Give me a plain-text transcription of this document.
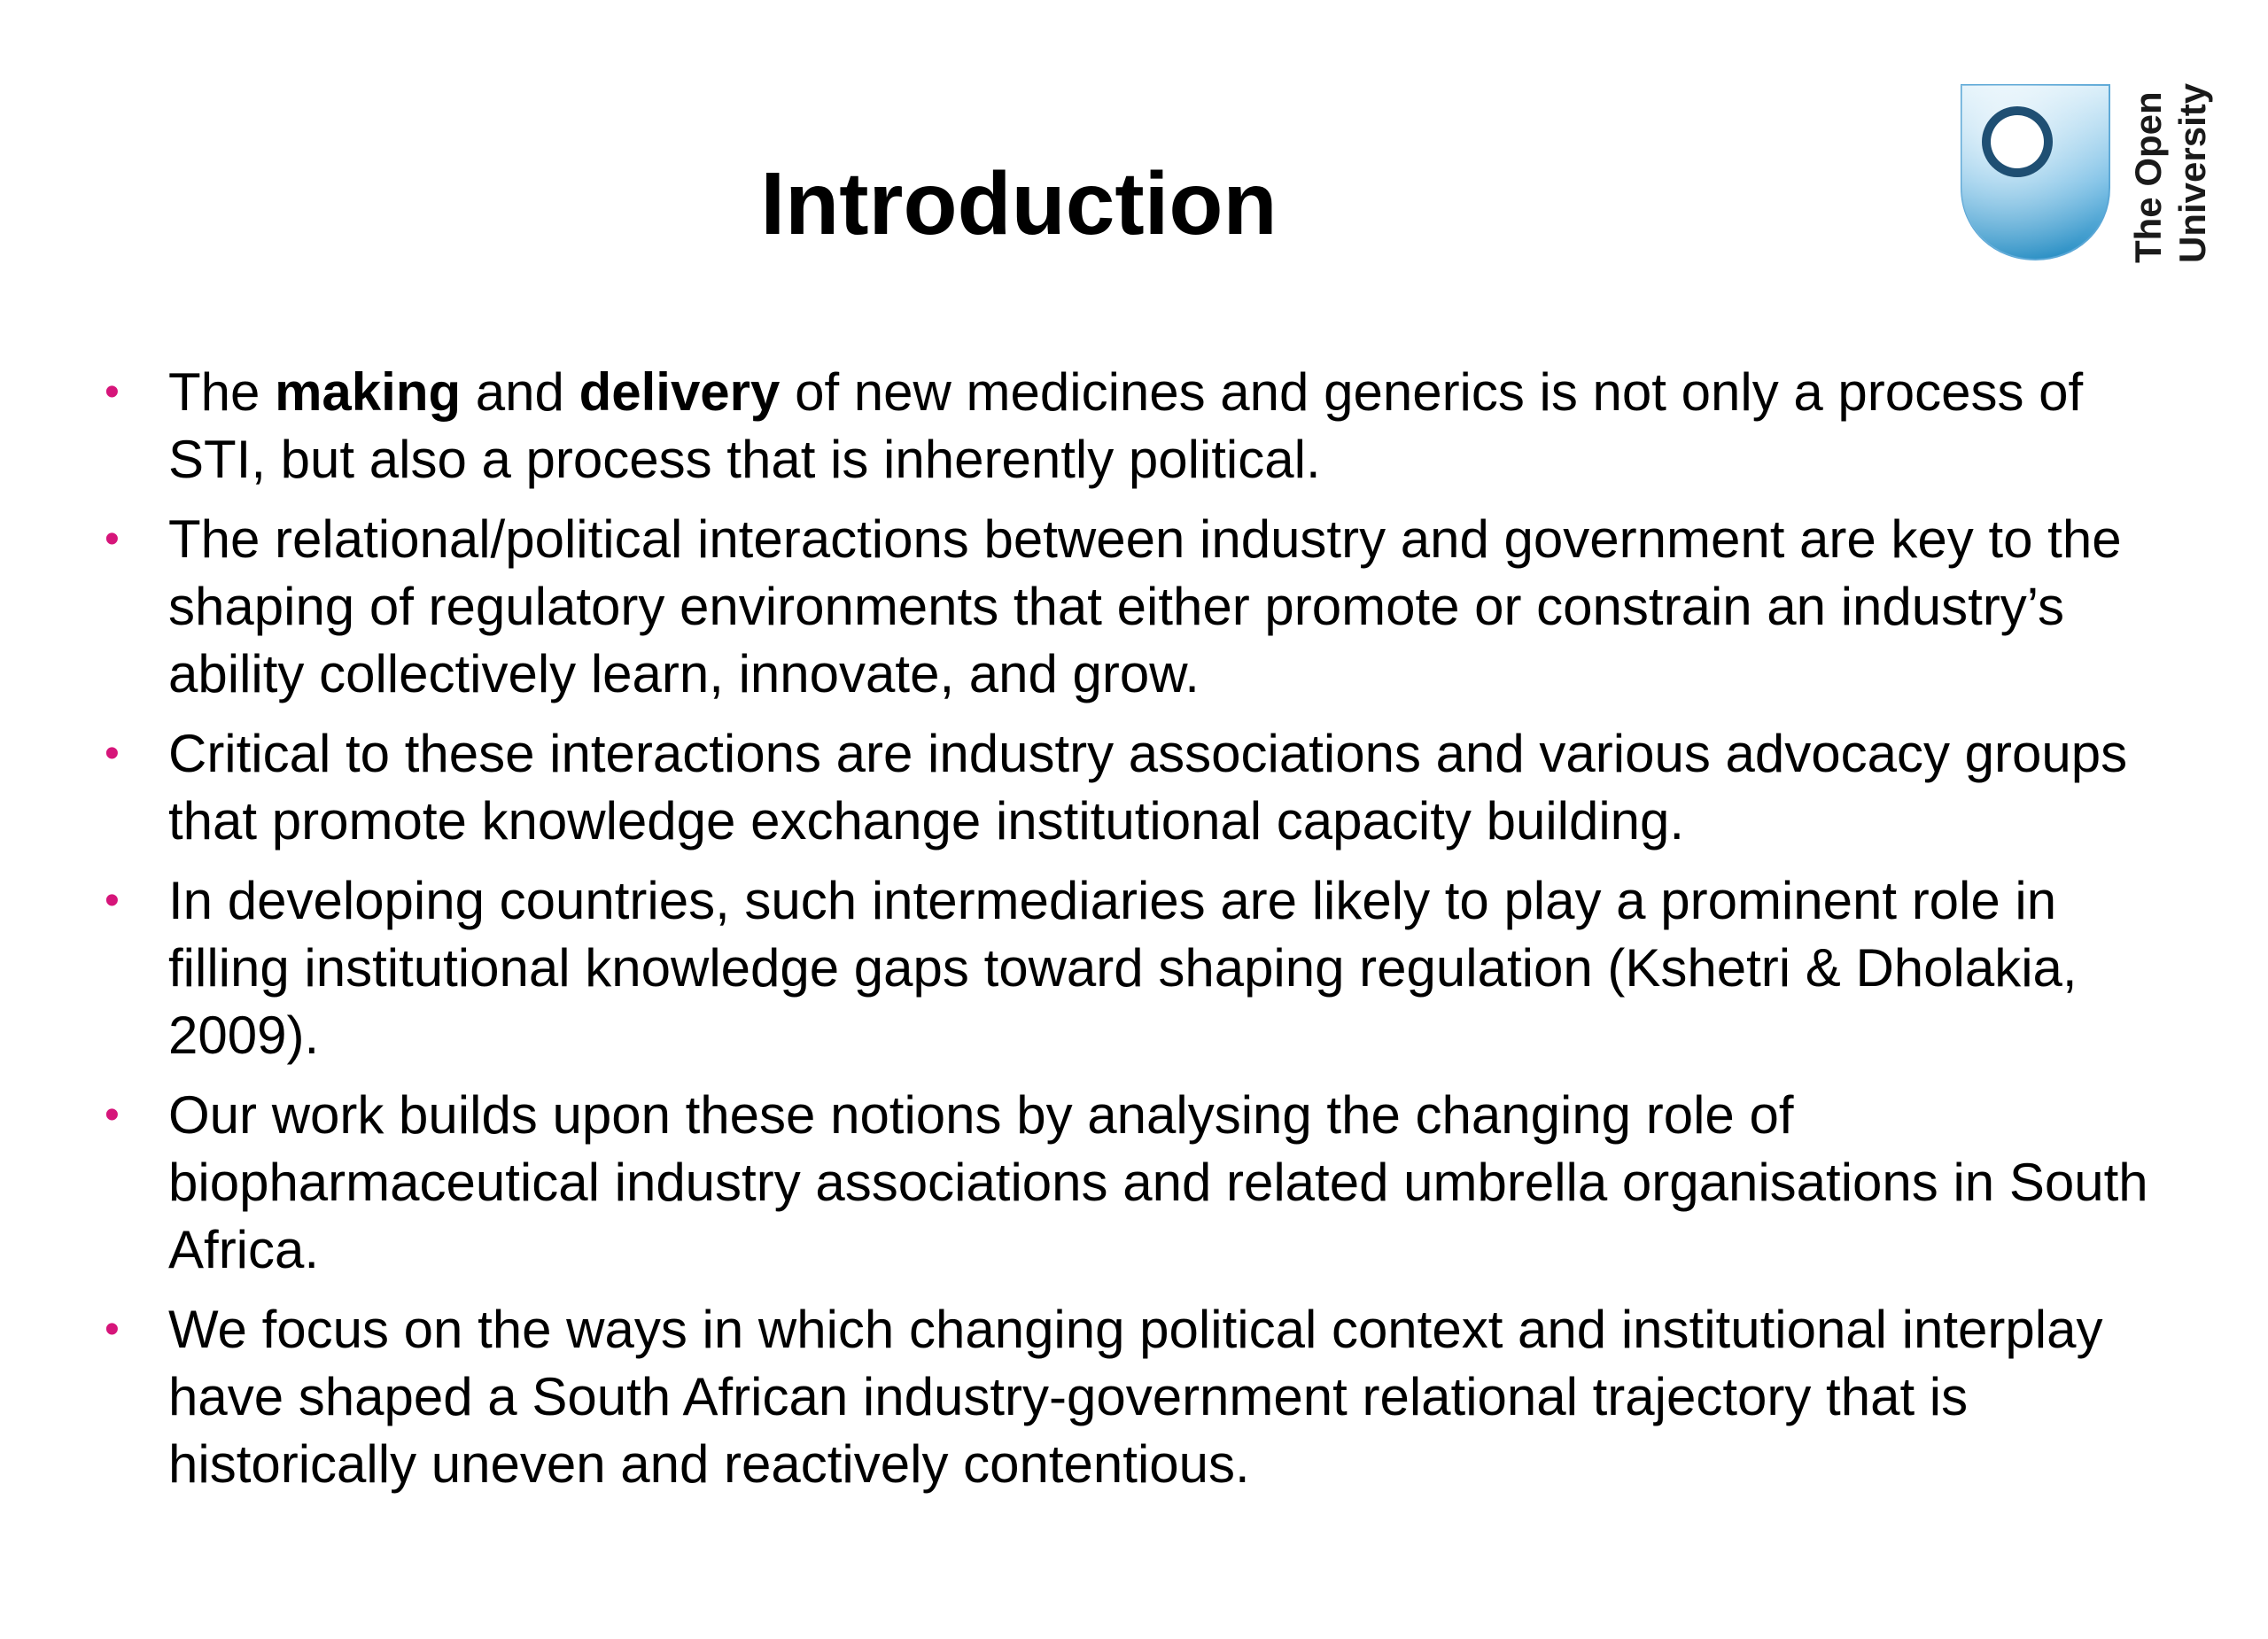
Introduction	The Open University
• The making and delivery of new medicines and generics is not only a process of STI, but also a process that is inherently political.
• The relational/political interactions between industry and government are key to the shaping of regulatory environments that either promote or constrain an industry’s ability collectively learn, innovate, and grow.
• Critical to these interactions are industry associations and various advocacy groups that promote knowledge exchange institutional capacity building.
• In developing countries, such intermediaries are likely to play a prominent role in filling institutional knowledge gaps toward shaping regulation (Kshetri & Dholakia, 2009).
• Our work builds upon these notions by analysing the changing role of biopharmaceutical industry associations and related umbrella organisations in South Africa.
• We focus on the ways in which changing political context and institutional interplay have shaped a South African industry-government relational trajectory that is historically uneven and reactively contentious.
